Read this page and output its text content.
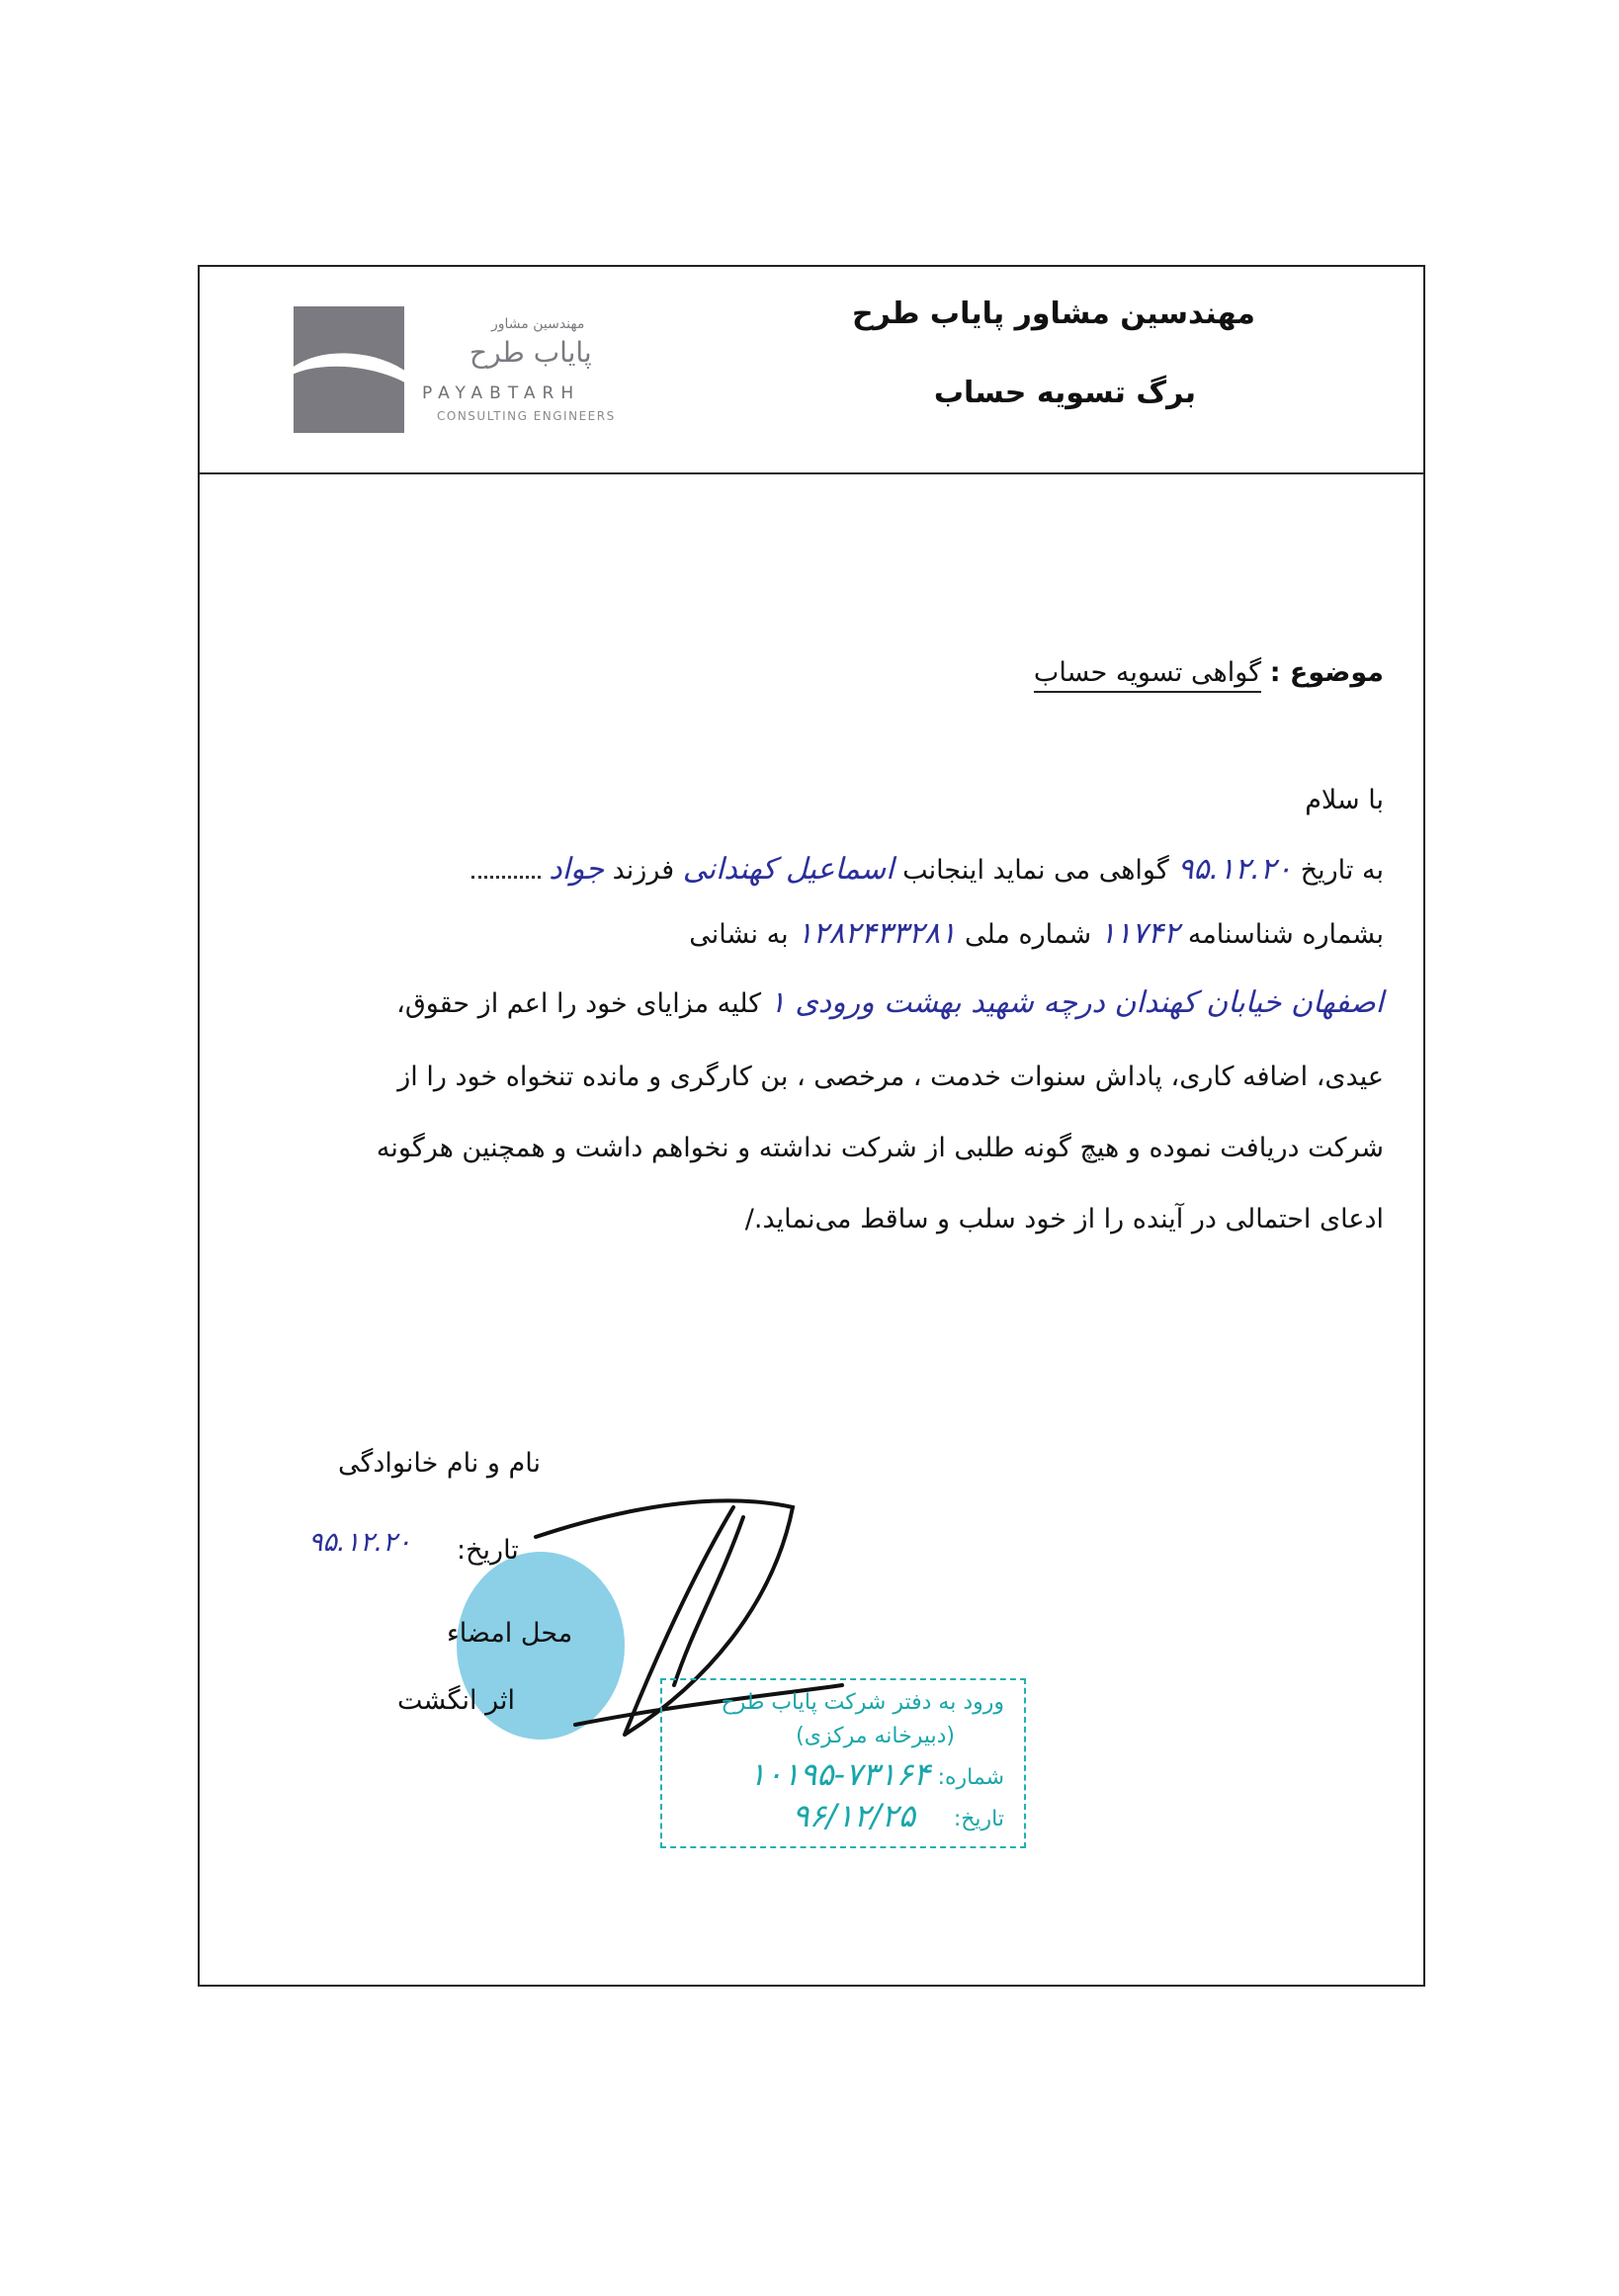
مهندسین مشاور پایاب طرح
برگ تسویه حساب
مهندسین مشاور
پایاب طرح
PAYABTARH
CONSULTING ENGINEERS
موضوع : گواهی تسویه حساب
با سلام
به تاریخ ۹۵.۱۲.۲۰ گواهی می نماید اینجانب اسماعیل کهندانی فرزند جواد
بشماره شناسنامه ۱۱۷۴۲ شماره ملی ۱۲۸۲۴۳۳۲۸۱ به نشانی
اصفهان خیابان کهندان درچه شهید بهشت ورودی ۱ کلیه مزایای خود را اعم از حقوق،
عیدی، اضافه کاری، پاداش سنوات خدمت ، مرخصی ، بن کارگری و مانده تنخواه خود را از
شرکت دریافت نموده و هیچ گونه طلبی از شرکت نداشته و نخواهم داشت و همچنین هرگونه
ادعای احتمالی در آینده را از خود سلب و ساقط می‌نماید./
نام و نام خانوادگی
تاریخ:
۹۵.۱۲.۲۰
محل امضاء
اثر انگشت	ورود به دفتر شرکت پایاب طرح
(دبیرخانه مرکزی)
شماره:
۱۰۱۹۵-۷۳۱۶۴
تاریخ:
۹۶/۱۲/۲۵
